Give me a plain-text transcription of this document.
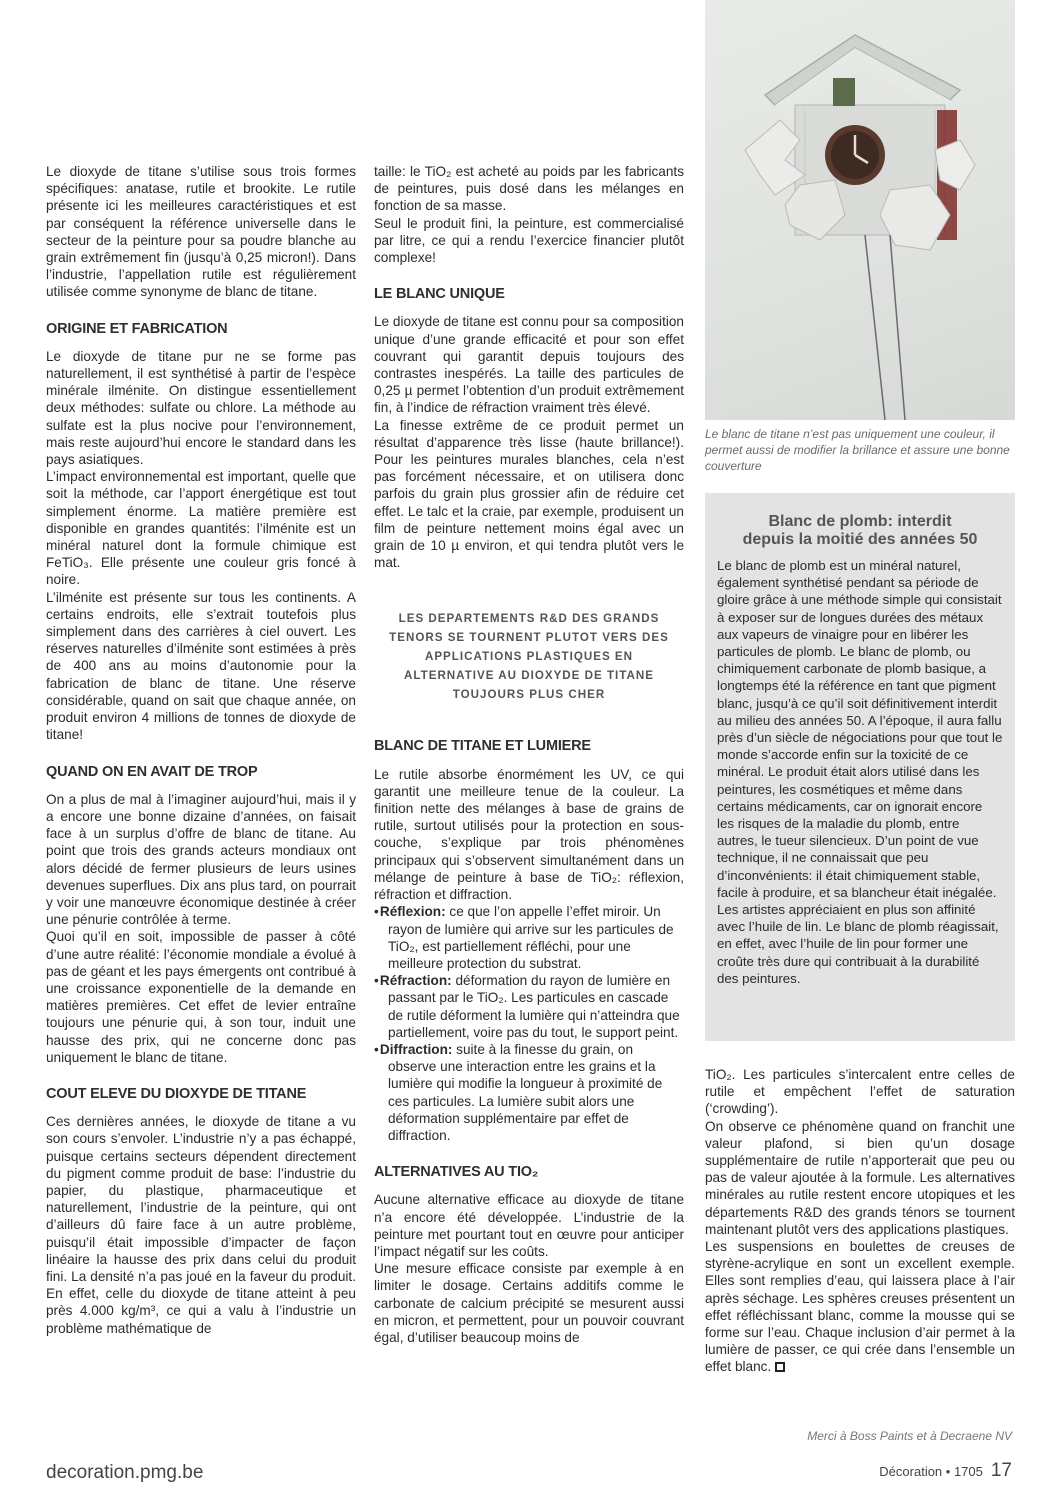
Le dioxyde de titane s’utilise sous trois formes spécifiques: anatase, rutile et brookite. Le rutile présente ici les meilleures caractéristiques et est par conséquent la référence universelle dans le secteur de la peinture pour sa poudre blanche au grain extrêmement fin (jusqu’à 0,25 micron!). Dans l’industrie, l’appellation rutile est régulièrement utilisée comme synonyme de blanc de titane.

ORIGINE ET FABRICATION

Le dioxyde de titane pur ne se forme pas naturellement, il est synthétisé à partir de l’espèce minérale ilménite. On distingue essentiellement deux méthodes: sulfate ou chlore. La méthode au sulfate est la plus nocive pour l’environnement, mais reste aujourd’hui encore le standard dans les pays asiatiques.

L’impact environnemental est important, quelle que soit la méthode, car l’apport énergétique est tout simplement énorme. La matière première est disponible en grandes quantités: l’ilménite est un minéral naturel dont la formule chimique est FeTiO₃. Elle présente une couleur gris foncé à noire.

L’ilménite est présente sur tous les continents. A certains endroits, elle s’extrait toutefois plus simplement dans des carrières à ciel ouvert. Les réserves naturelles d’ilménite sont estimées à près de 400 ans au moins d’autonomie pour la fabrication de blanc de titane. Une réserve considérable, quand on sait que chaque année, on produit environ 4 millions de tonnes de dioxyde de titane!

QUAND ON EN AVAIT DE TROP

On a plus de mal à l’imaginer aujourd’hui, mais il y a encore une bonne dizaine d’années, on faisait face à un surplus d’offre de blanc de titane. Au point que trois des grands acteurs mondiaux ont alors décidé de fermer plusieurs de leurs usines devenues superflues. Dix ans plus tard, on pourrait y voir une manœuvre économique destinée à créer une pénurie contrôlée à terme.

Quoi qu’il en soit, impossible de passer à côté d’une autre réalité: l’économie mondiale a évolué à pas de géant et les pays émergents ont contribué à une croissance exponentielle de la demande en matières premières. Cet effet de levier entraîne toujours une pénurie qui, à son tour, induit une hausse des prix, qui ne concerne donc pas uniquement le blanc de titane.

COUT ELEVE DU DIOXYDE DE TITANE

Ces dernières années, le dioxyde de titane a vu son cours s’envoler. L’industrie n’y a pas échappé, puisque certains secteurs dépendent directement du pigment comme produit de base: l’industrie du papier, du plastique, pharmaceutique et naturellement, l’industrie de la peinture, qui ont d’ailleurs dû faire face à un autre problème, puisqu’il était impossible d’impacter de façon linéaire la hausse des prix dans celui du produit fini. La densité n’a pas joué en la faveur du produit. En effet, celle du dioxyde de titane atteint à peu près 4.000 kg/m³, ce qui a valu à l’industrie un problème mathématique de

taille: le TiO₂ est acheté au poids par les fabricants de peintures, puis dosé dans les mélanges en fonction de sa masse.

Seul le produit fini, la peinture, est commercialisé par litre, ce qui a rendu l’exercice financier plutôt complexe!

LE BLANC UNIQUE

Le dioxyde de titane est connu pour sa composition unique d’une grande efficacité et pour son effet couvrant qui garantit depuis toujours des contrastes inespérés. La taille des particules de 0,25 µ permet l’obtention d’un produit extrêmement fin, à l’indice de réfraction vraiment très élevé.

La finesse extrême de ce produit permet un résultat d’apparence très lisse (haute brillance!). Pour les peintures murales blanches, cela n’est pas forcément nécessaire, et on utilisera donc parfois du grain plus grossier afin de réduire cet effet. Le talc et la craie, par exemple, produisent un film de peinture nettement moins égal avec un grain de 10 µ environ, et qui tendra plutôt vers le mat.

LES DEPARTEMENTS R&D DES GRANDS TENORS SE TOURNENT PLUTOT VERS DES APPLICATIONS PLASTIQUES EN ALTERNATIVE AU DIOXYDE DE TITANE TOUJOURS PLUS CHER
BLANC DE TITANE ET LUMIERE

Le rutile absorbe énormément les UV, ce qui garantit une meilleure tenue de la couleur. La finition nette des mélanges à base de grains de rutile, surtout utilisés pour la protection en sous-couche, s’explique par trois phénomènes principaux qui s’observent simultanément dans un mélange de peinture à base de TiO₂: réflexion, réfraction et diffraction.

• Réflexion: ce que l’on appelle l’effet miroir. Un rayon de lumière qui arrive sur les particules de TiO₂, est partiellement réfléchi, pour une meilleure protection du substrat.

• Réfraction: déformation du rayon de lumière en passant par le TiO₂. Les particules en cascade de rutile déforment la lumière qui n’atteindra que partiellement, voire pas du tout, le support peint.

• Diffraction: suite à la finesse du grain, on observe une interaction entre les grains et la lumière qui modifie la longueur à proximité de ces particules. La lumière subit alors une déformation supplémentaire par effet de diffraction.

ALTERNATIVES AU TIO₂

Aucune alternative efficace au dioxyde de titane n’a encore été développée. L’industrie de la peinture met pourtant tout en œuvre pour anticiper l’impact négatif sur les coûts.

Une mesure efficace consiste par exemple à en limiter le dosage. Certains additifs comme le carbonate de calcium précipité se mesurent aussi en micron, et permettent, pour un pouvoir couvrant égal, d’utiliser beaucoup moins de

Le blanc de titane n’est pas uniquement une couleur, il permet aussi de modifier la brillance et assure une bonne couverture
Blanc de plomb: interdit
depuis la moitié des années 50
Le blanc de plomb est un minéral naturel, également synthétisé pendant sa période de gloire grâce à une méthode simple qui consistait à exposer sur de longues durées des métaux aux vapeurs de vinaigre pour en libérer les particules de plomb. Le blanc de plomb, ou chimiquement carbonate de plomb basique, a longtemps été la référence en tant que pigment blanc, jusqu’à ce qu’il soit définitivement interdit au milieu des années 50. A l’époque, il aura fallu près d’un siècle de négociations pour que tout le monde s’accorde enfin sur la toxicité de ce minéral. Le produit était alors utilisé dans les peintures, les cosmétiques et même dans certains médicaments, car on ignorait encore les risques de la maladie du plomb, entre autres, le tueur silencieux. D’un point de vue technique, il ne connaissait que peu d’inconvénients: il était chimiquement stable, facile à produire, et sa blancheur était inégalée. Les artistes appréciaient en plus son affinité avec l’huile de lin. Le blanc de plomb réagissait, en effet, avec l’huile de lin pour former une croûte très dure qui contribuait à la durabilité des peintures.

TiO₂. Les particules s’intercalent entre celles de rutile et empêchent l’effet de saturation (‘crowding’).

On observe ce phénomène quand on franchit une valeur plafond, si bien qu’un dosage supplémentaire de rutile n’apporterait que peu ou pas de valeur ajoutée à la formule. Les alternatives minérales au rutile restent encore utopiques et les départements R&D des grands ténors se tournent maintenant plutôt vers des applications plastiques.

Les suspensions en boulettes de creuses de styrène-acrylique en sont un excellent exemple. Elles sont remplies d’eau, qui laissera place à l’air après séchage. Les sphères creuses présentent un effet réfléchissant blanc, comme la mousse qui se forme sur l’eau. Chaque inclusion d’air permet à la lumière de passer, ce qui crée dans l’ensemble un effet blanc.

Merci à Boss Paints et à Decraene NV
decoration.pmg.be	Décoration • 1705 17
